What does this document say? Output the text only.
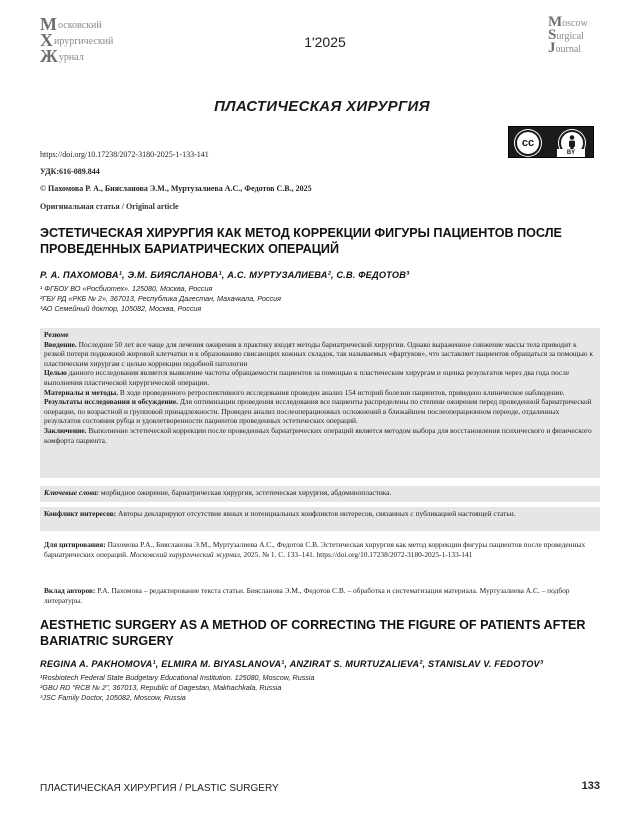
Московский
Хирургический
Журнал
1'2025
Moscow
Surgical
Journal
ПЛАСТИЧЕСКАЯ ХИРУРГИЯ
cc
BY
https://doi.org/10.17238/2072-3180-2025-1-133-141
УДК:616-089.844
© Пахомова Р. А., Биясланова Э.М., Муртузалиева А.С., Федотов С.В., 2025
Оригинальная статья / Original article
ЭСТЕТИЧЕСКАЯ ХИРУРГИЯ КАК МЕТОД КОРРЕКЦИИ ФИГУРЫ ПАЦИЕНТОВ ПОСЛЕ ПРОВЕДЕННЫХ БАРИАТРИЧЕСКИХ ОПЕРАЦИЙ
Р. А. ПАХОМОВА¹, Э.М. БИЯСЛАНОВА¹, А.С. МУРТУЗАЛИЕВА², С.В. ФЕДОТОВ³
¹ ФГБОУ ВО «Росбиотех». 125080, Москва, Россия
²ГБУ РД «РКБ № 2», 367013, Республика Дагестан, Махачкала, Россия
³АО Семейный доктор, 105082, Москва, Россия

Резюме

Введение. Последние 50 лет все чаще для лечения ожирения в практику входят методы бариатрической хирургии. Однако выраженное снижение массы тела приводит к резкой потери подкожной жировой клетчатки и к образованию свисающих кожных складок, так называемых «фартуков», что заставляет пациентов обращаться за помощью к пластическим хирургам с целью коррекции подобной патологии

Целью данного исследования является выявление частоты обращаемости пациентов за помощью к пластическим хирургам и оценка результатов через два года после выполнения пластической хирургической операции.

Материалы и методы. В ходе проведенного ретроспективного исследования проведен анализ 154 историй болезни пациентов, приведено клиническое наблюдение.

Результаты исследования и обсуждение. Для оптимизации проведения исследования все пациенты распределены по степени ожирения перед проведенной бариатрической операции, по возрастной и групповой принадлежности. Проведен анализ послеоперационных осложнений в ближайшем послеоперационном периоде, отдаленных результатов состояния рубца и удовлетворенности пациентов проведенных эстетических операций.

Заключение. Выполнение эстетической коррекции после проведенных бариатрических операций является методом выбора для восстановления психического и физического комфорта пациента.

Ключевые слова: морбидное ожирение, бариатрическая хирургия, эстетическая хирургия, абдоминопластика.
Конфликт интересов: Авторы декларируют отсутствие явных и потенциальных конфликтов интересов, связанных с публикацией настоящей статьи.
Для цитирования: Пахомова Р.А., Биясланова Э.М., Муртузалиева А.С., Федотов С.В. Эстетическая хирургия как метод коррекции фигуры пациентов после проведенных бариатрических операций. Московский хирургический журнал, 2025. № 1. С. 133–141. https://doi.org/10.17238/2072-3180-2025-1-133-141
Вклад авторов: Р.А. Пахомова – редактирование текста статьи. Биясланова Э.М., Федотов С.В. – обработка и систематизация материала. Муртузалиева А.С. – подбор литературы.
AESTHETIC SURGERY AS A METHOD OF CORRECTING THE FIGURE OF PATIENTS AFTER BARIATRIC SURGERY
REGINA A. PAKHOMOVA¹, ELMIRA M. BIYASLANOVA¹, ANZIRAT S. MURTUZALIEVA², STANISLAV V. FEDOTOV³
¹Rosbiotech Federal State Budgetary Educational Institution. 125080, Moscow, Russia
²GBU RD "RCB № 2", 367013, Republic of Dagestan, Makhachkala, Russia
³JSC Family Doctor, 105082, Moscow, Russia
ПЛАСТИЧЕСКАЯ ХИРУРГИЯ / PLASTIC SURGERY	133
